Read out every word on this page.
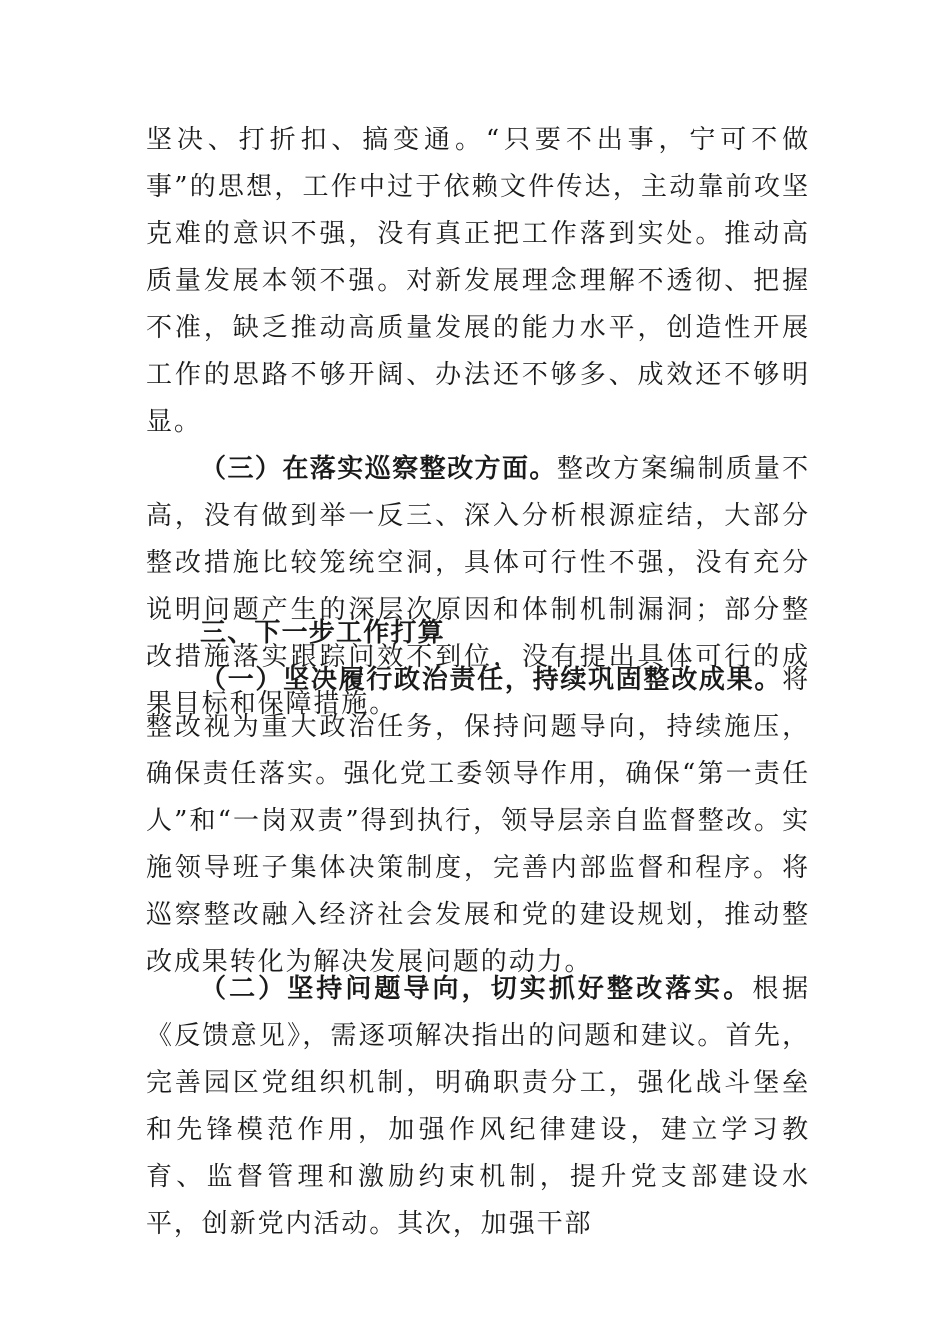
坚决、打折扣、搞变通。“只要不出事，宁可不做事”的思想，工作中过于依赖文件传达，主动靠前攻坚克难的意识不强，没有真正把工作落到实处。推动高质量发展本领不强。对新发展理念理解不透彻、把握不准，缺乏推动高质量发展的能力水平，创造性开展工作的思路不够开阔、办法还不够多、成效还不够明显。

（三）在落实巡察整改方面。整改方案编制质量不高，没有做到举一反三、深入分析根源症结，大部分整改措施比较笼统空洞，具体可行性不强，没有充分说明问题产生的深层次原因和体制机制漏洞；部分整改措施落实跟踪问效不到位，没有提出具体可行的成果目标和保障措施。

三、下一步工作打算

（一）坚决履行政治责任，持续巩固整改成果。将整改视为重大政治任务，保持问题导向，持续施压，确保责任落实。强化党工委领导作用，确保“第一责任人”和“一岗双责”得到执行，领导层亲自监督整改。实施领导班子集体决策制度，完善内部监督和程序。将巡察整改融入经济社会发展和党的建设规划，推动整改成果转化为解决发展问题的动力。

（二）坚持问题导向，切实抓好整改落实。根据《反馈意见》，需逐项解决指出的问题和建议。首先，完善园区党组织机制，明确职责分工，强化战斗堡垒和先锋模范作用，加强作风纪律建设，建立学习教育、监督管理和激励约束机制，提升党支部建设水平，创新党内活动。其次，加强干部
